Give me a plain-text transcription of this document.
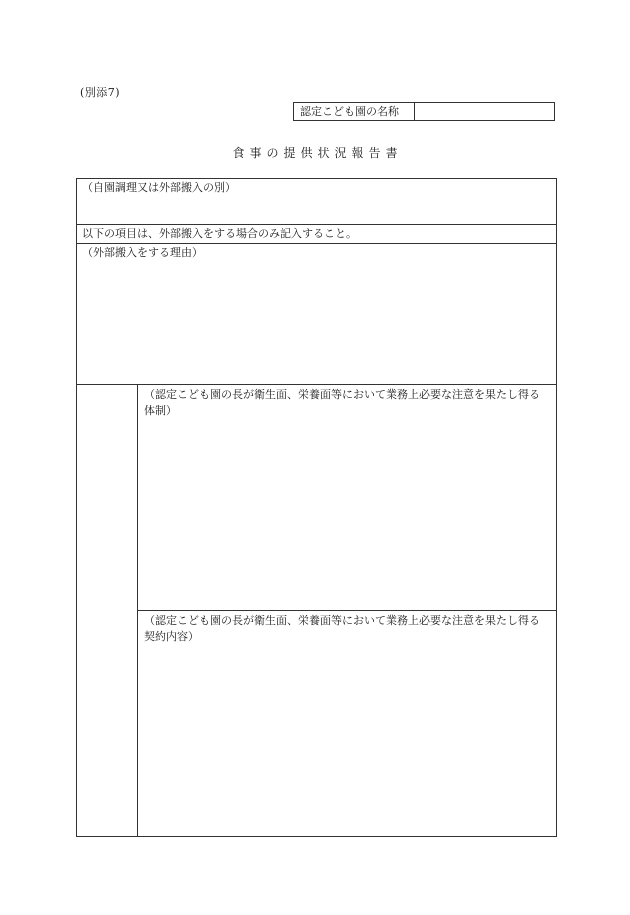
(別添7)
認定こども園の名称
食事の提供状況報告書
（自園調理又は外部搬入の別）
以下の項目は、外部搬入をする場合のみ記入すること。
（外部搬入をする理由）
（認定こども園の長が衛生面、栄養面等において業務上必要な注意を果たし得る体制）
（認定こども園の長が衛生面、栄養面等において業務上必要な注意を果たし得る契約内容）
